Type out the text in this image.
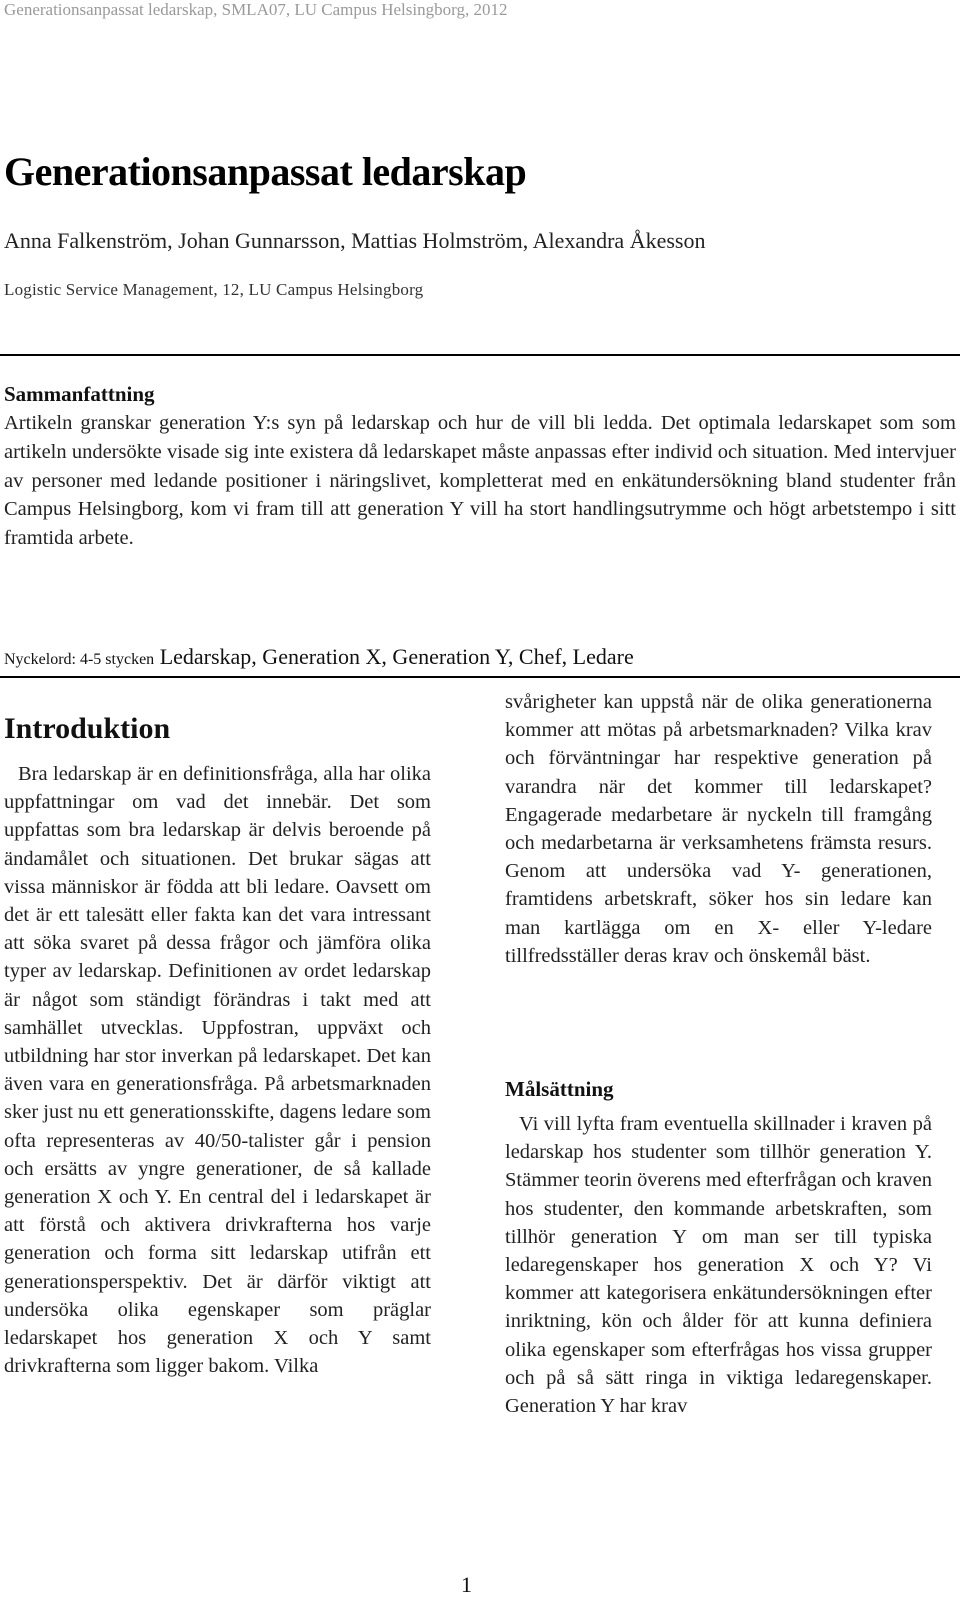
Generationsanpassat ledarskap, SMLA07, LU Campus Helsingborg, 2012
Generationsanpassat ledarskap
Anna Falkenström, Johan Gunnarsson, Mattias Holmström, Alexandra Åkesson
Logistic Service Management, 12, LU Campus Helsingborg
Sammanfattning

Artikeln granskar generation Y:s syn på ledarskap och hur de vill bli ledda. Det optimala ledarskapet som som artikeln undersökte visade sig inte existera då ledarskapet måste anpassas efter individ och situation. Med intervjuer av personer med ledande positioner i näringslivet, kompletterat med en enkätundersökning bland studenter från Campus Helsingborg, kom vi fram till att generation Y vill ha stort handlingsutrymme och högt arbetstempo i sitt framtida arbete.

Nyckelord: 4-5 stycken Ledarskap, Generation X, Generation Y, Chef, Ledare
Introduktion

Bra ledarskap är en definitionsfråga, alla har olika uppfattningar om vad det innebär. Det som uppfattas som bra ledarskap är delvis beroende på ändamålet och situationen. Det brukar sägas att vissa människor är födda att bli ledare. Oavsett om det är ett talesätt eller fakta kan det vara intressant att söka svaret på dessa frågor och jämföra olika typer av ledarskap. Definitionen av ordet ledarskap är något som ständigt förändras i takt med att samhället utvecklas. Uppfostran, uppväxt och utbildning har stor inverkan på ledarskapet. Det kan även vara en generationsfråga. På arbetsmarknaden sker just nu ett generationsskifte, dagens ledare som ofta representeras av 40/50-talister går i pension och ersätts av yngre generationer, de så kallade generation X och Y. En central del i ledarskapet är att förstå och aktivera drivkrafterna hos varje generation och forma sitt ledarskap utifrån ett generationsperspektiv. Det är därför viktigt att undersöka olika egenskaper som präglar ledarskapet hos generation X och Y samt drivkrafterna som ligger bakom. Vilka

svårigheter kan uppstå när de olika generationerna kommer att mötas på arbetsmarknaden? Vilka krav och förväntningar har respektive generation på varandra när det kommer till ledarskapet? Engagerade medarbetare är nyckeln till framgång och medarbetarna är verksamhetens främsta resurs. Genom att undersöka vad Y- generationen, framtidens arbetskraft, söker hos sin ledare kan man kartlägga om en X- eller Y-ledare tillfredsställer deras krav och önskemål bäst.

Målsättning

Vi vill lyfta fram eventuella skillnader i kraven på ledarskap hos studenter som tillhör generation Y. Stämmer teorin överens med efterfrågan och kraven hos studenter, den kommande arbetskraften, som tillhör generation Y om man ser till typiska ledaregenskaper hos generation X och Y? Vi kommer att kategorisera enkätundersökningen efter inriktning, kön och ålder för att kunna definiera olika egenskaper som efterfrågas hos vissa grupper och på så sätt ringa in viktiga ledaregenskaper. Generation Y har krav

1
